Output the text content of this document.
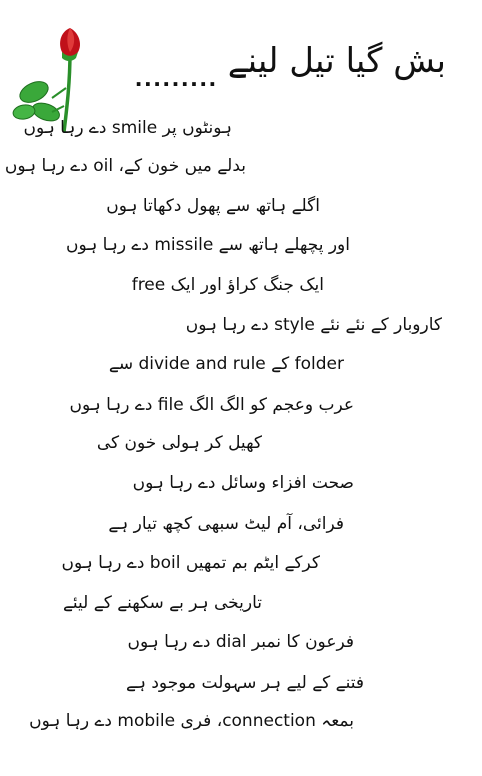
بش گیا تیل لینے
.........
ہونٹوں پر smile دے رہا ہوں
بدلے میں خون کے، oil دے رہا ہوں
اگلے ہاتھ سے پھول دکھاتا ہوں
اور پچھلے ہاتھ سے missile دے رہا ہوں
ایک جنگ کراؤ اور ایک free
کاروبار کے نئے نئے style دے رہا ہوں
folder کے divide and rule سے
عرب وعجم کو الگ الگ file دے رہا ہوں
کھیل کر ہولی خون کی
صحت افزاء وسائل دے رہا ہوں
فرائی، آم لیٹ سبھی کچھ تیار ہے
کرکے ایٹم بم تمھیں boil دے رہا ہوں
تاریخی ہر بے سکھنے کے لیئے
فرعون کا نمبر dial دے رہا ہوں
فتنے کے لیے ہر سہولت موجود ہے
بمعہ connection، فری mobile دے رہا ہوں
